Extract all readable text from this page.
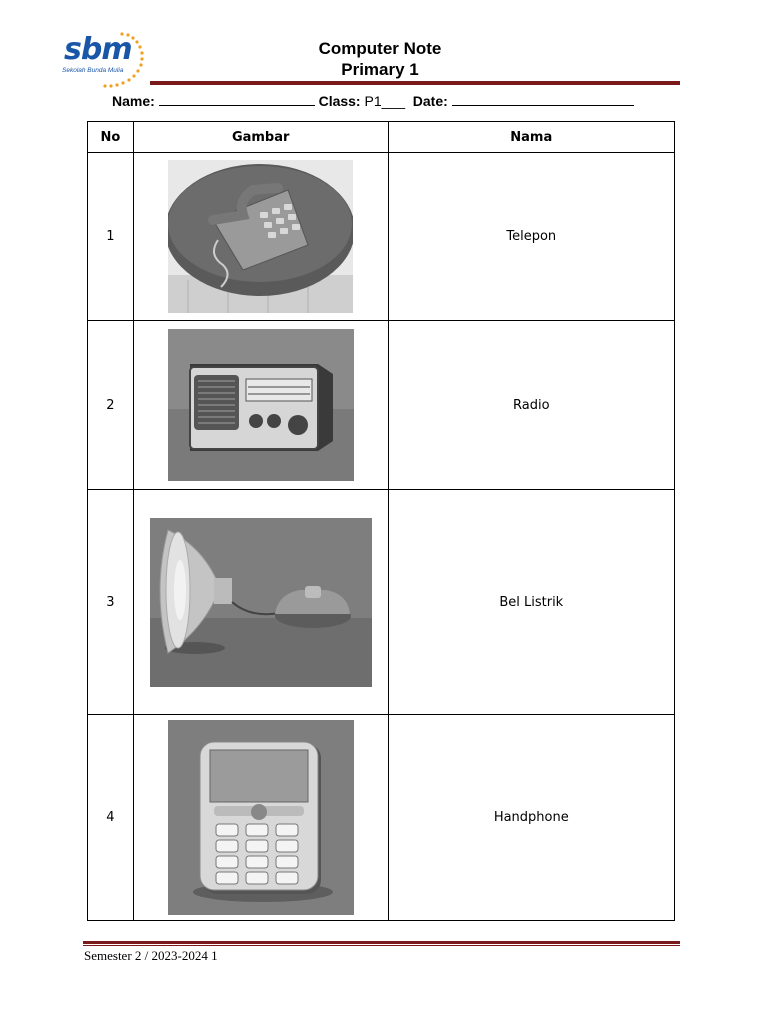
sbm
Sekolah Bunda Mulia
Computer Note
Primary 1
Name:	Class: P1___ Date:
No	Gambar	Nama
1		Telepon
2		Radio
3		Bel Listrik
4		Handphone
Semester 2 / 2023-2024 1
